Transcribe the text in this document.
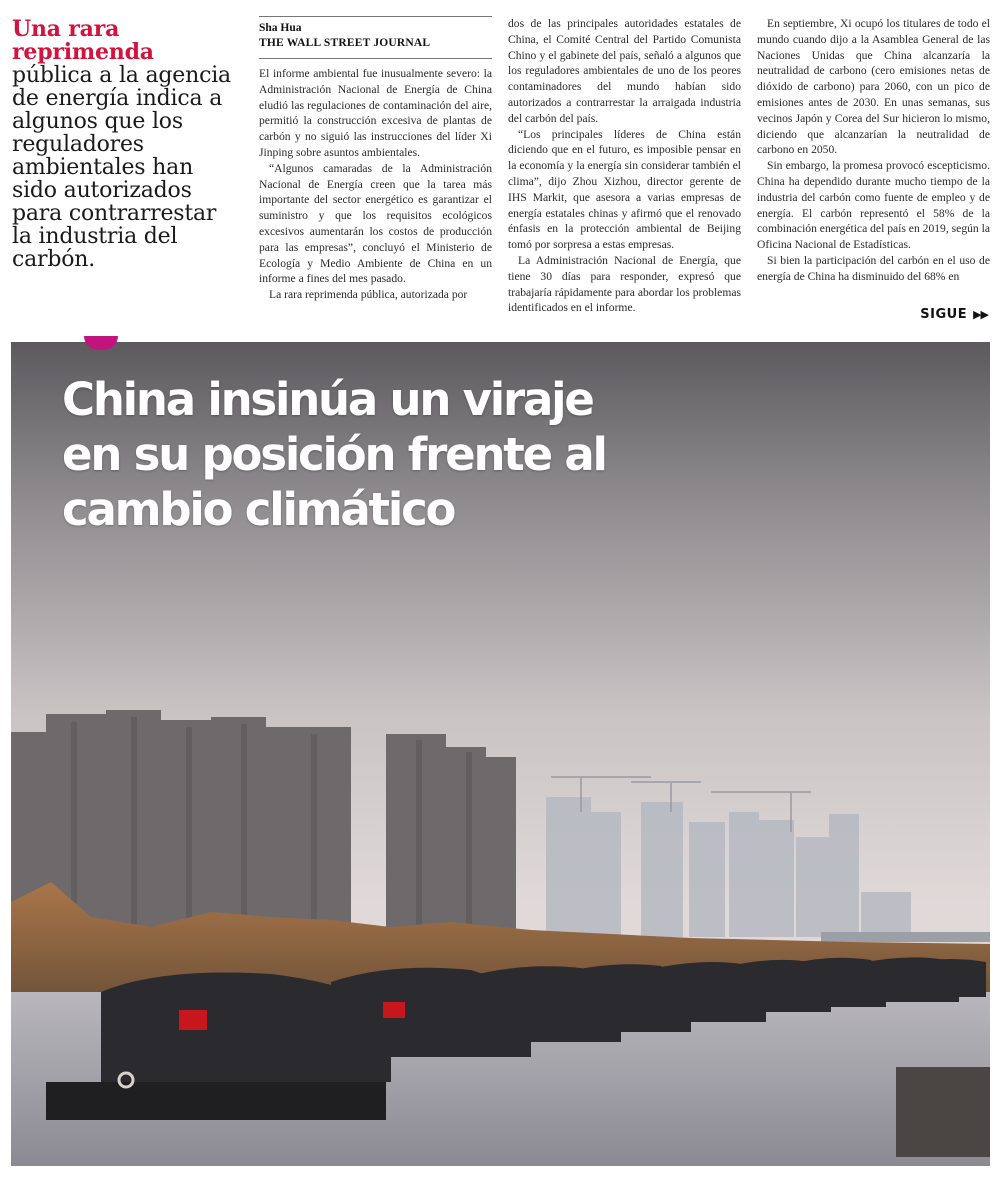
Una rara reprimenda pública a la agencia de energía indica a algunos que los reguladores ambientales han sido autorizados para contrarrestar la industria del carbón.
Sha Hua
THE WALL STREET JOURNAL

El informe ambiental fue inusualmente severo: la Administración Nacional de Energía de China eludió las regulaciones de contaminación del aire, permitió la construcción excesiva de plantas de carbón y no siguió las instrucciones del líder Xi Jinping sobre asuntos ambientales.

“Algunos camaradas de la Administración Nacional de Energía creen que la tarea más importante del sector energético es garantizar el suministro y que los requisitos ecológicos excesivos aumentarán los costos de producción para las empresas”, concluyó el Ministerio de Ecología y Medio Ambiente de China en un informe a fines del mes pasado.

La rara reprimenda pública, autorizada por

dos de las principales autoridades estatales de China, el Comité Central del Partido Comunista Chino y el gabinete del país, señaló a algunos que los reguladores ambientales de uno de los peores contaminadores del mundo habían sido autorizados a contrarrestar la arraigada industria del carbón del país.

“Los principales líderes de China están diciendo que en el futuro, es imposible pensar en la economía y la energía sin considerar también el clima”, dijo Zhou Xizhou, director gerente de IHS Markit, que asesora a varias empresas de energía estatales chinas y afirmó que el renovado énfasis en la protección ambiental de Beijing tomó por sorpresa a estas empresas.

La Administración Nacional de Energía, que tiene 30 días para responder, expresó que trabajaría rápidamente para abordar los problemas identificados en el informe.

En septiembre, Xi ocupó los titulares de todo el mundo cuando dijo a la Asamblea General de las Naciones Unidas que China alcanzaría la neutralidad de carbono (cero emisiones netas de dióxido de carbono) para 2060, con un pico de emisiones antes de 2030. En unas semanas, sus vecinos Japón y Corea del Sur hicieron lo mismo, diciendo que alcanzarían la neutralidad de carbono en 2050.

Sin embargo, la promesa provocó escepticismo. China ha dependido durante mucho tiempo de la industria del carbón como fuente de empleo y de energía. El carbón representó el 58% de la combinación energética del país en 2019, según la Oficina Nacional de Estadísticas.

Si bien la participación del carbón en el uso de energía de China ha disminuido del 68% en

SIGUE ▶▶
China insinúa un viraje
en su posición frente al
cambio climático
